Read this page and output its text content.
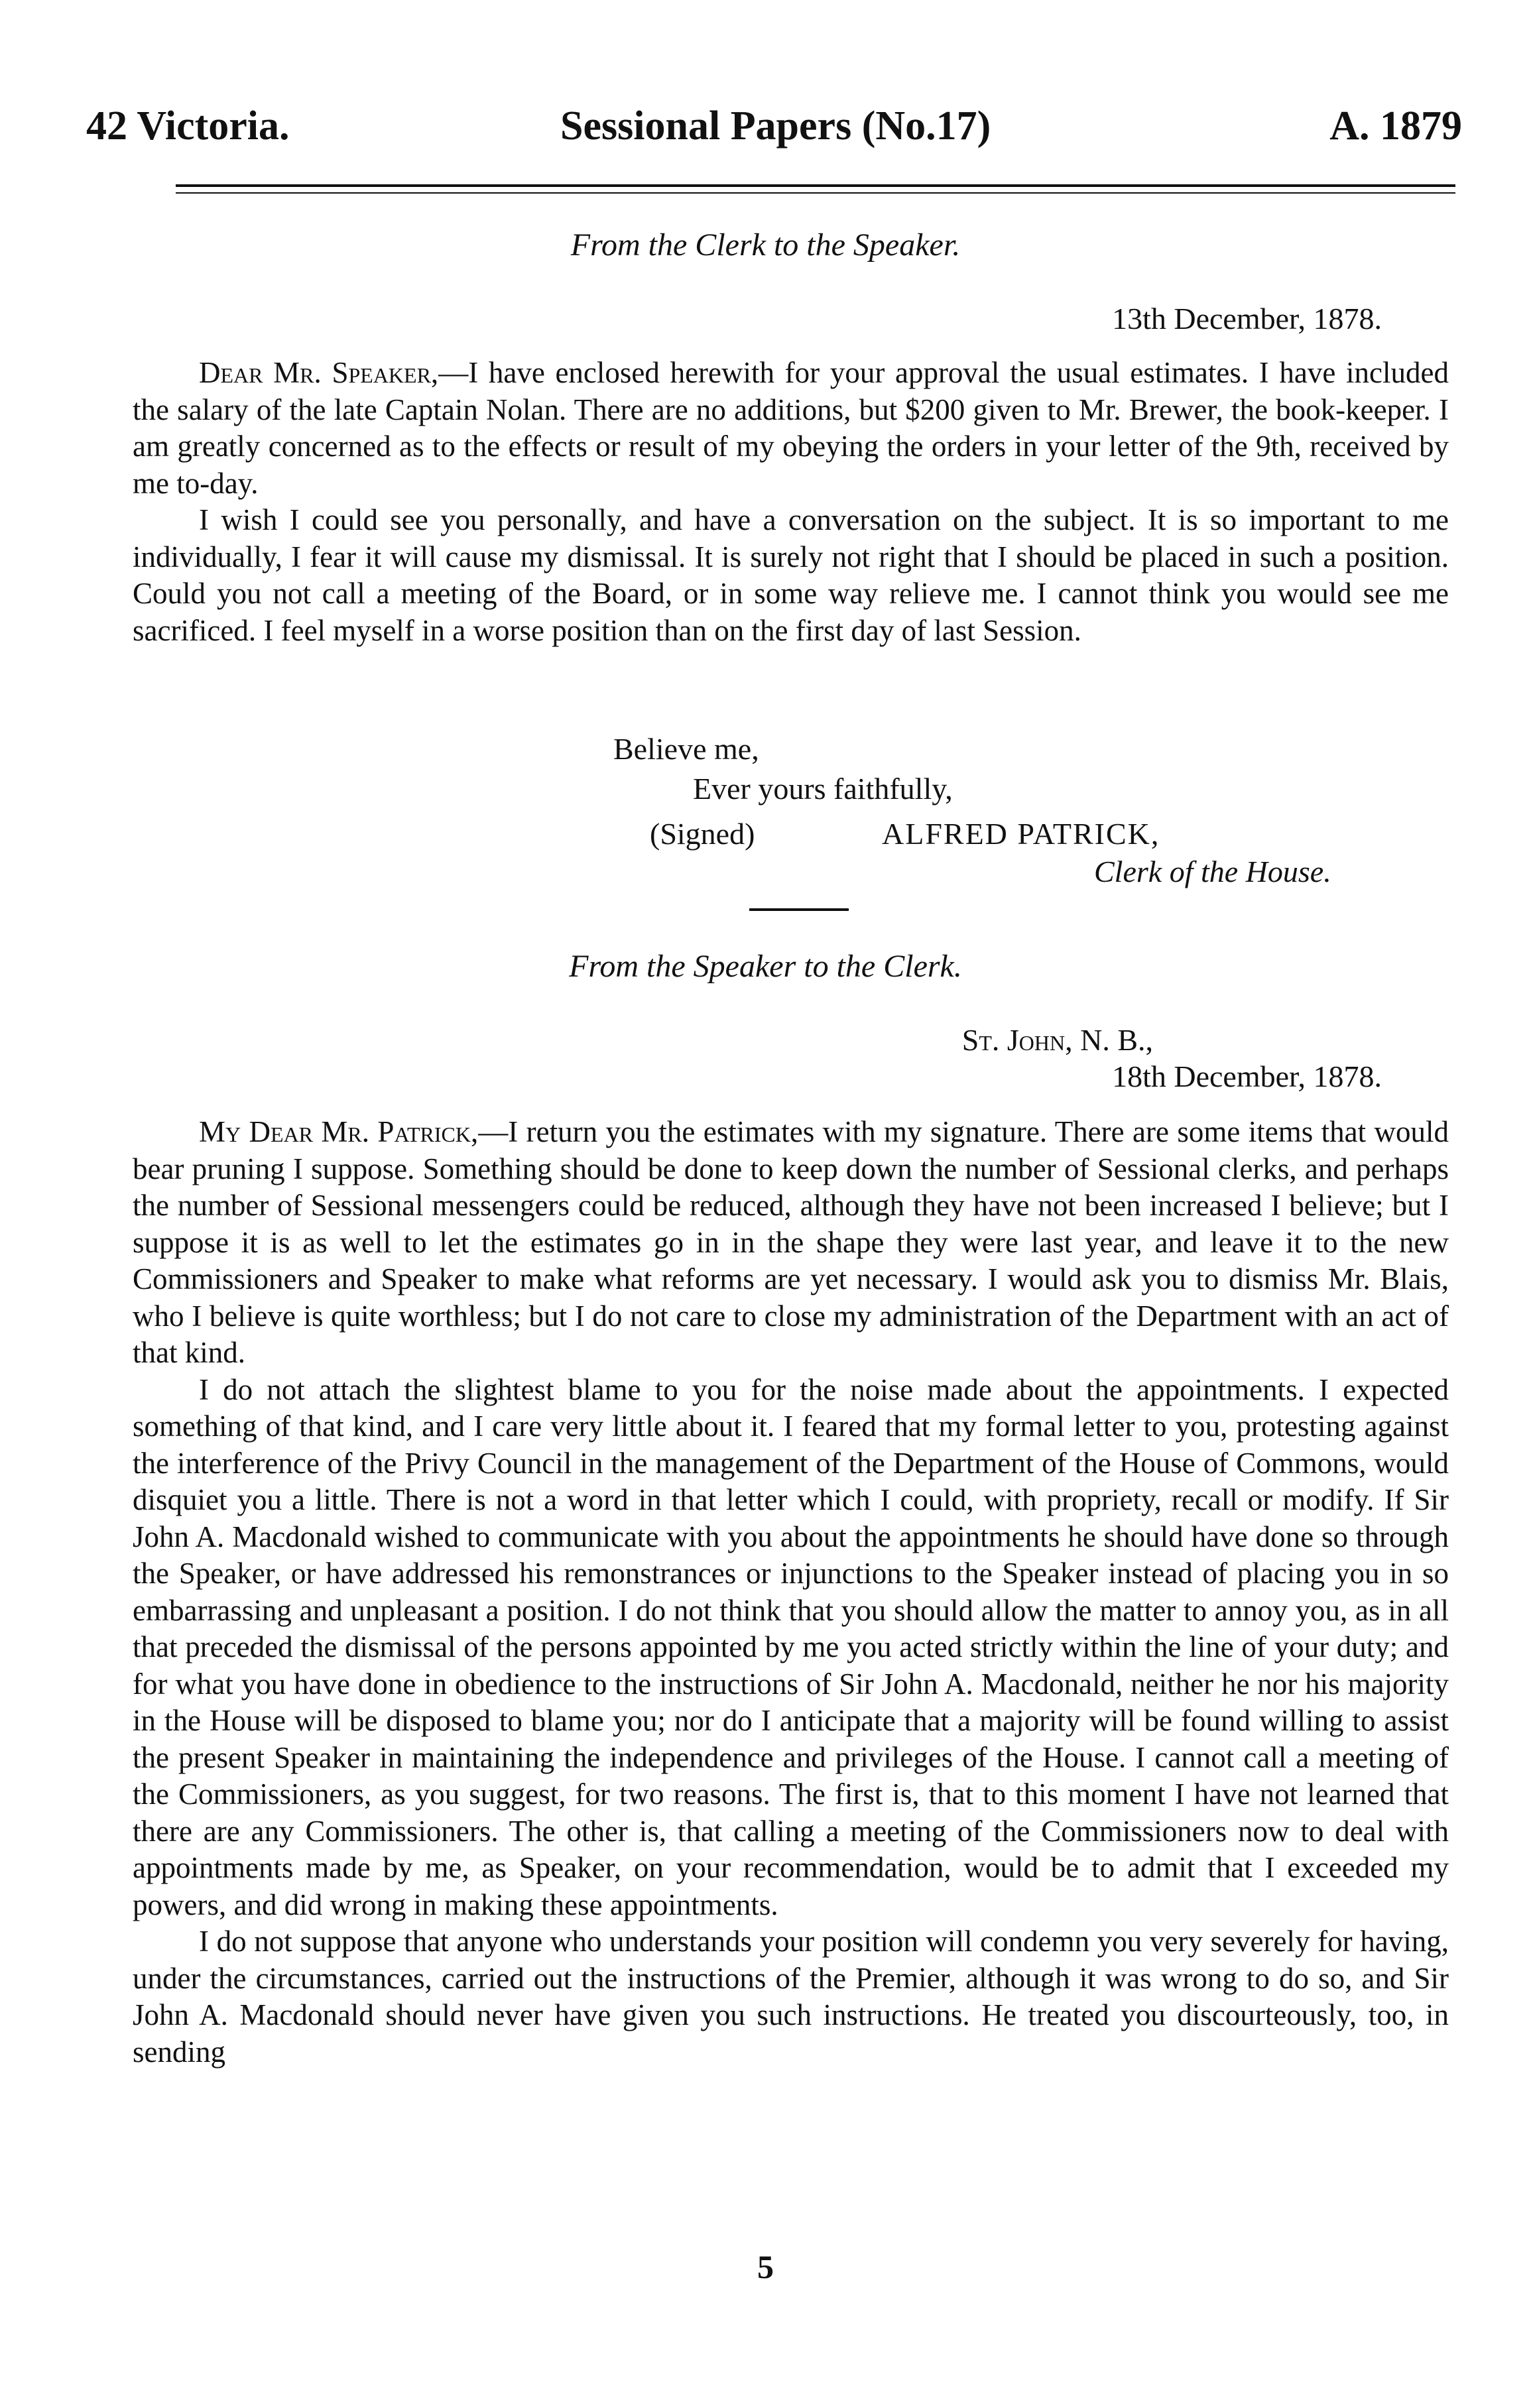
42 Victoria.	Sessional Papers (No.17)	A. 1879
From the Clerk to the Speaker.
13th December, 1878.

Dear Mr. Speaker,—I have enclosed herewith for your approval the usual estimates. I have included the salary of the late Captain Nolan. There are no additions, but $200 given to Mr. Brewer, the book-keeper. I am greatly concerned as to the effects or result of my obeying the orders in your letter of the 9th, received by me to-day.

I wish I could see you personally, and have a conversation on the subject. It is so important to me individually, I fear it will cause my dismissal. It is surely not right that I should be placed in such a position. Could you not call a meeting of the Board, or in some way relieve me. I cannot think you would see me sacrificed. I feel myself in a worse position than on the first day of last Session.

Believe me,
Ever yours faithfully,
(Signed)	ALFRED PATRICK,
Clerk of the House.
From the Speaker to the Clerk.
St. John, N. B.,
18th December, 1878.

My Dear Mr. Patrick,—I return you the estimates with my signature. There are some items that would bear pruning I suppose. Something should be done to keep down the number of Sessional clerks, and perhaps the number of Sessional messengers could be reduced, although they have not been increased I believe; but I suppose it is as well to let the estimates go in in the shape they were last year, and leave it to the new Commissioners and Speaker to make what reforms are yet necessary. I would ask you to dismiss Mr. Blais, who I believe is quite worthless; but I do not care to close my administration of the Department with an act of that kind.

I do not attach the slightest blame to you for the noise made about the appointments. I expected something of that kind, and I care very little about it. I feared that my formal letter to you, protesting against the interference of the Privy Council in the management of the Department of the House of Commons, would disquiet you a little. There is not a word in that letter which I could, with propriety, recall or modify. If Sir John A. Macdonald wished to communicate with you about the appointments he should have done so through the Speaker, or have addressed his remonstrances or injunctions to the Speaker instead of placing you in so embarrassing and unpleasant a position. I do not think that you should allow the matter to annoy you, as in all that preceded the dismissal of the persons appointed by me you acted strictly within the line of your duty; and for what you have done in obedience to the instructions of Sir John A. Macdonald, neither he nor his majority in the House will be disposed to blame you; nor do I anticipate that a majority will be found willing to assist the present Speaker in maintaining the independence and privileges of the House. I cannot call a meeting of the Commissioners, as you suggest, for two reasons. The first is, that to this moment I have not learned that there are any Commissioners. The other is, that calling a meeting of the Commissioners now to deal with appointments made by me, as Speaker, on your recommendation, would be to admit that I exceeded my powers, and did wrong in making these appointments.

I do not suppose that anyone who understands your position will condemn you very severely for having, under the circumstances, carried out the instructions of the Premier, although it was wrong to do so, and Sir John A. Macdonald should never have given you such instructions. He treated you discourteously, too, in sending

5
